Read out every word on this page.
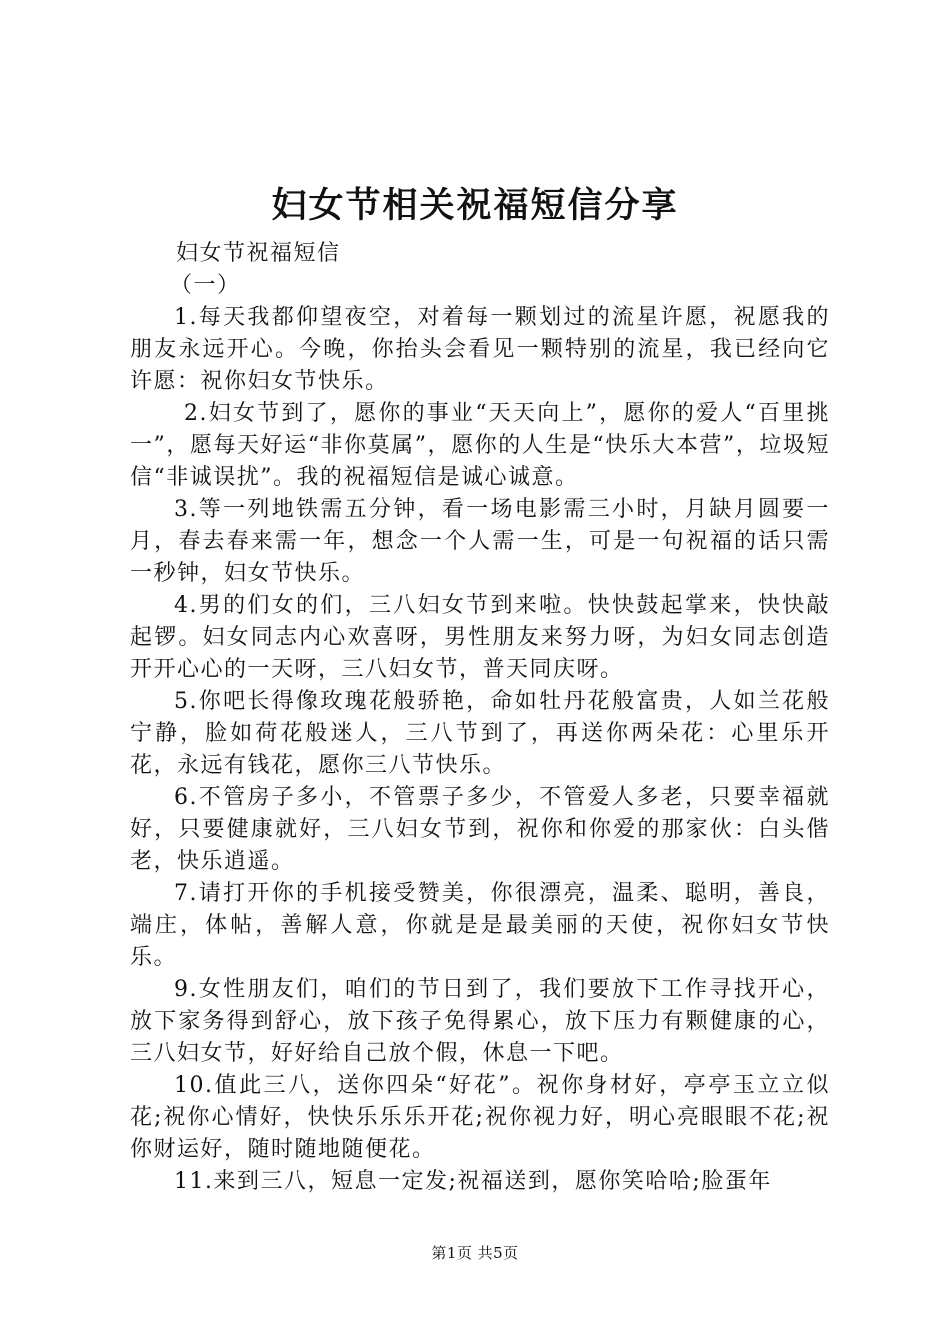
妇女节相关祝福短信分享

妇女节祝福短信

（一）

1.每天我都仰望夜空，对着每一颗划过的流星许愿，祝愿我的朋友永远开心。今晚，你抬头会看见一颗特别的流星，我已经向它许愿：祝你妇女节快乐。

2.妇女节到了，愿你的事业“天天向上”，愿你的爱人“百里挑一”，愿每天好运“非你莫属”，愿你的人生是“快乐大本营”，垃圾短信“非诚误扰”。我的祝福短信是诚心诚意。

3.等一列地铁需五分钟，看一场电影需三小时，月缺月圆要一月，春去春来需一年，想念一个人需一生，可是一句祝福的话只需一秒钟，妇女节快乐。

4.男的们女的们，三八妇女节到来啦。快快鼓起掌来，快快敲起锣。妇女同志内心欢喜呀，男性朋友来努力呀，为妇女同志创造开开心心的一天呀，三八妇女节，普天同庆呀。

5.你吧长得像玫瑰花般骄艳，命如牡丹花般富贵，人如兰花般宁静，脸如荷花般迷人，三八节到了，再送你两朵花：心里乐开花，永远有钱花，愿你三八节快乐。

6.不管房子多小，不管票子多少，不管爱人多老，只要幸福就好，只要健康就好，三八妇女节到，祝你和你爱的那家伙：白头偕老，快乐逍遥。

7.请打开你的手机接受赞美，你很漂亮，温柔、聪明，善良，端庄，体帖，善解人意，你就是是最美丽的天使，祝你妇女节快乐。

9.女性朋友们，咱们的节日到了，我们要放下工作寻找开心，放下家务得到舒心，放下孩子免得累心，放下压力有颗健康的心，三八妇女节，好好给自己放个假，休息一下吧。

10.值此三八，送你四朵“好花”。祝你身材好，亭亭玉立立似花;祝你心情好，快快乐乐乐开花;祝你视力好，明心亮眼眼不花;祝你财运好，随时随地随便花。

11.来到三八，短息一定发;祝福送到，愿你笑哈哈;脸蛋年

第1页 共5页
